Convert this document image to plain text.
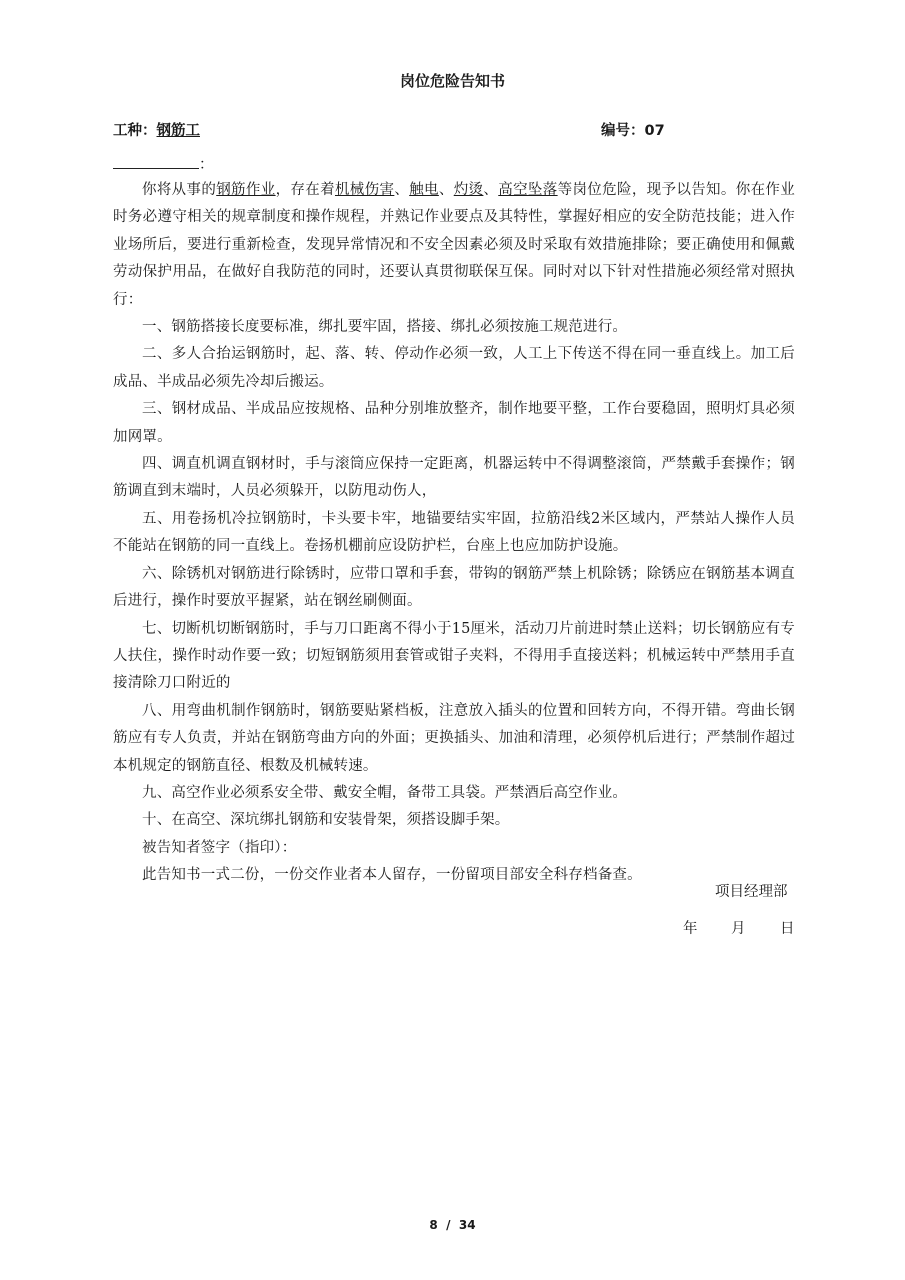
岗位危险告知书
工种：钢筋工	编号：07
：

你将从事的钢筋作业，存在着机械伤害、触电、灼烫、高空坠落等岗位危险，现予以告知。你在作业时务必遵守相关的规章制度和操作规程，并熟记作业要点及其特性，掌握好相应的安全防范技能；进入作业场所后，要进行重新检查，发现异常情况和不安全因素必须及时采取有效措施排除；要正确使用和佩戴劳动保护用品，在做好自我防范的同时，还要认真贯彻联保互保。同时对以下针对性措施必须经常对照执行：

一、钢筋搭接长度要标准，绑扎要牢固，搭接、绑扎必须按施工规范进行。

二、多人合抬运钢筋时，起、落、转、停动作必须一致，人工上下传送不得在同一垂直线上。加工后成品、半成品必须先冷却后搬运。

三、钢材成品、半成品应按规格、品种分别堆放整齐，制作地要平整，工作台要稳固，照明灯具必须加网罩。

四、调直机调直钢材时，手与滚筒应保持一定距离，机器运转中不得调整滚筒，严禁戴手套操作；钢筋调直到末端时，人员必须躲开，以防甩动伤人，

五、用卷扬机冷拉钢筋时，卡头要卡牢，地锚要结实牢固，拉筋沿线2米区域内，严禁站人操作人员不能站在钢筋的同一直线上。卷扬机棚前应设防护栏，台座上也应加防护设施。

六、除锈机对钢筋进行除锈时，应带口罩和手套，带钩的钢筋严禁上机除锈；除锈应在钢筋基本调直后进行，操作时要放平握紧，站在钢丝刷侧面。

七、切断机切断钢筋时，手与刀口距离不得小于15厘米，活动刀片前进时禁止送料；切长钢筋应有专人扶住，操作时动作要一致；切短钢筋须用套管或钳子夹料，不得用手直接送料；机械运转中严禁用手直接清除刀口附近的

八、用弯曲机制作钢筋时，钢筋要贴紧档板，注意放入插头的位置和回转方向，不得开错。弯曲长钢筋应有专人负责，并站在钢筋弯曲方向的外面；更换插头、加油和清理，必须停机后进行；严禁制作超过本机规定的钢筋直径、根数及机械转速。

九、高空作业必须系安全带、戴安全帽，备带工具袋。严禁酒后高空作业。

十、在高空、深坑绑扎钢筋和安装骨架，须搭设脚手架。

被告知者签字（指印）：

此告知书一式二份，一份交作业者本人留存，一份留项目部安全科存档备查。

项目经理部
年 月 日
8  /  34
